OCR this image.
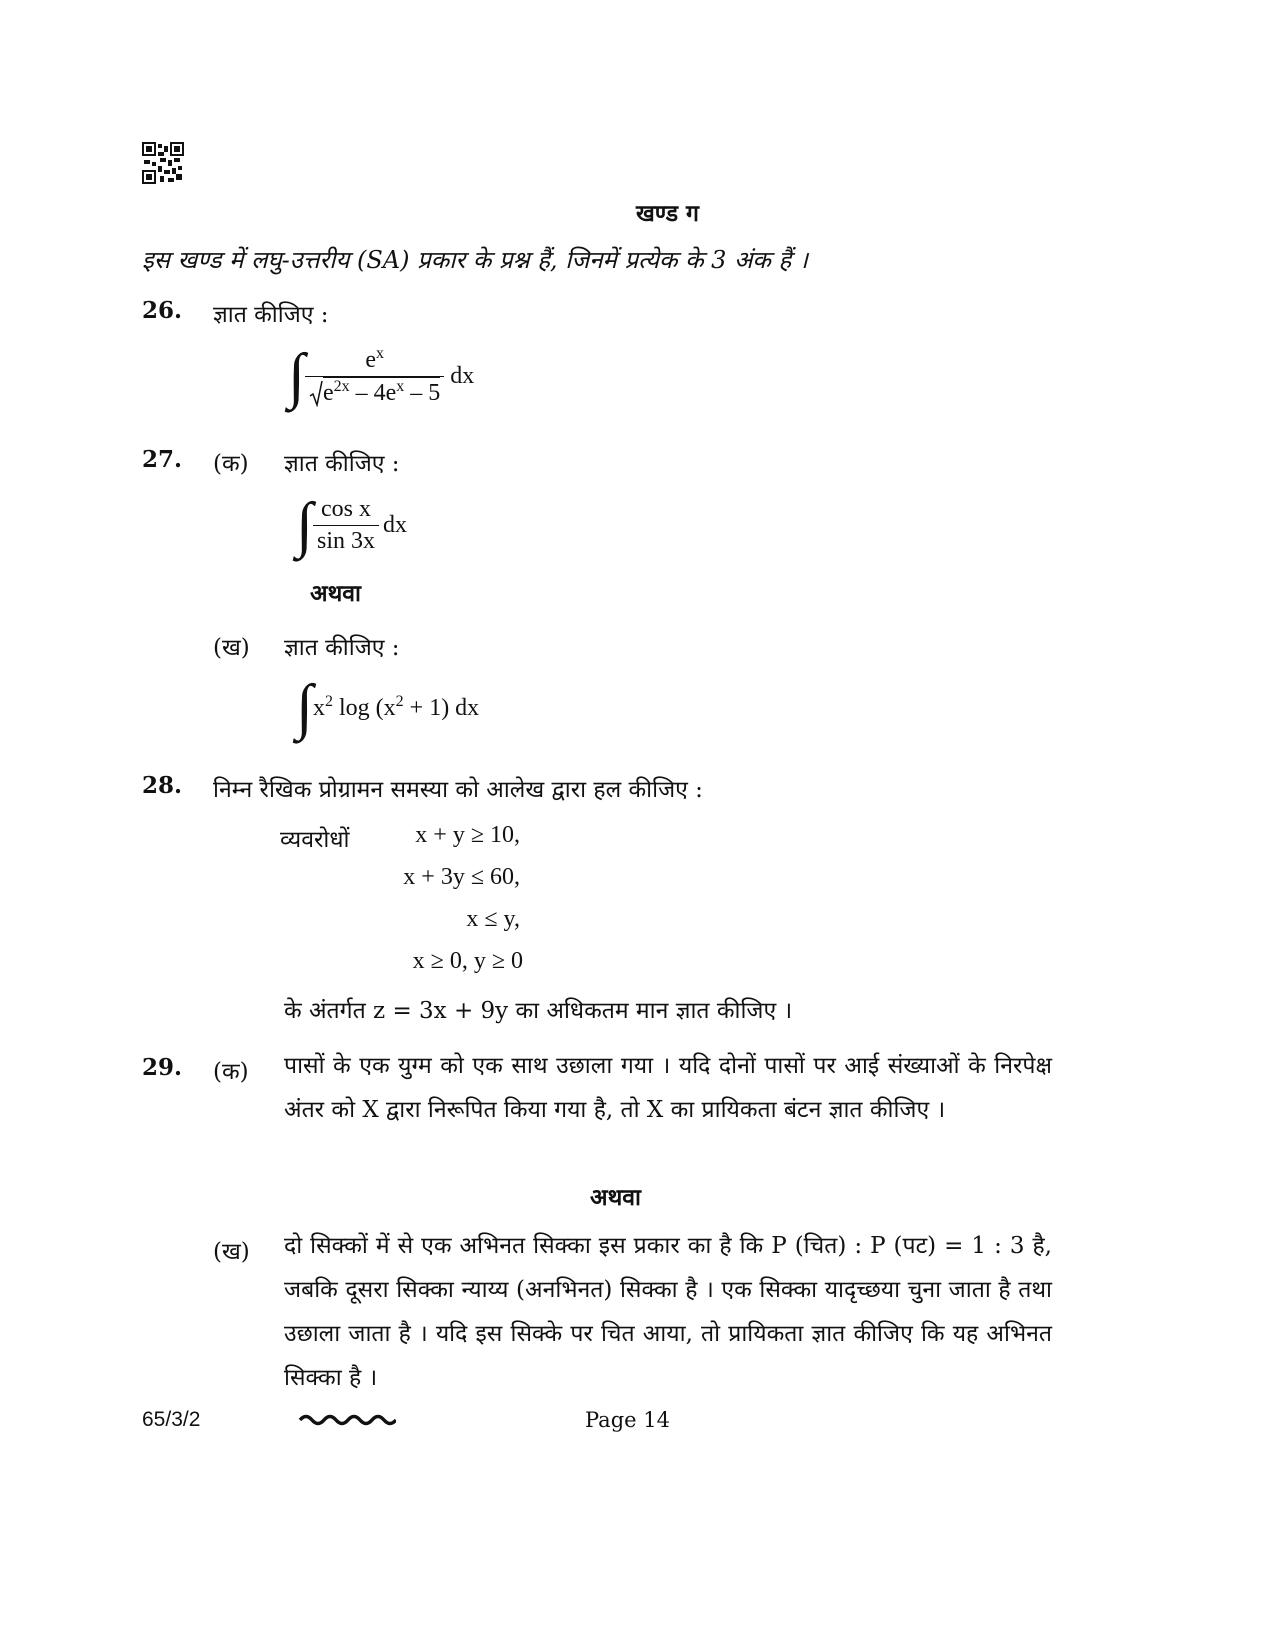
खण्ड ग
इस खण्ड में लघु-उत्तरीय (SA) प्रकार के प्रश्न हैं, जिनमें प्रत्येक के 3 अंक हैं ।
26. ज्ञात कीजिए :
∫ $\frac{e^x}{e^{2x} - 4e^x - 5}$ dx
27. (क) ज्ञात कीजिए :
∫ $\frac{\text{cos x}}{\sin 3x}$ dx
अथवा
(ख) ज्ञात कीजिए :
∫ $x^2$ $\log (x^2 + 1)$ dx
28. निम्न रैखिक प्रोग्रामन समस्या को आलेख द्वारा हल कीजिए :
व्यवरोधों	x + y ≥ 10,
x + 3y ≤ 60,
x ≤ y,
x ≥ 0, y ≥ 0
के अंतर्गत z = 3x + 9y का अधिकतम मान ज्ञात कीजिए ।
29. (क) पासों के एक युग्म को एक साथ उछाला गया । यदि दोनों पासों पर आई संख्याओं के निरपेक्ष अंतर को X द्वारा निरूपित किया गया है, तो X का प्रायिकता बंटन ज्ञात कीजिए ।
अथवा
(ख) दो सिक्कों में से एक अभिनत सिक्का इस प्रकार का है कि P (चित) : P (पट) = 1 : 3 है, जबकि दूसरा सिक्का न्याय्य (अनभिनत) सिक्का है । एक सिक्का यादृच्छया चुना जाता है तथा उछाला जाता है । यदि इस सिक्के पर चित आया, तो प्रायिकता ज्ञात कीजिए कि यह अभिनत सिक्का है ।
65/3/2	Page 14
